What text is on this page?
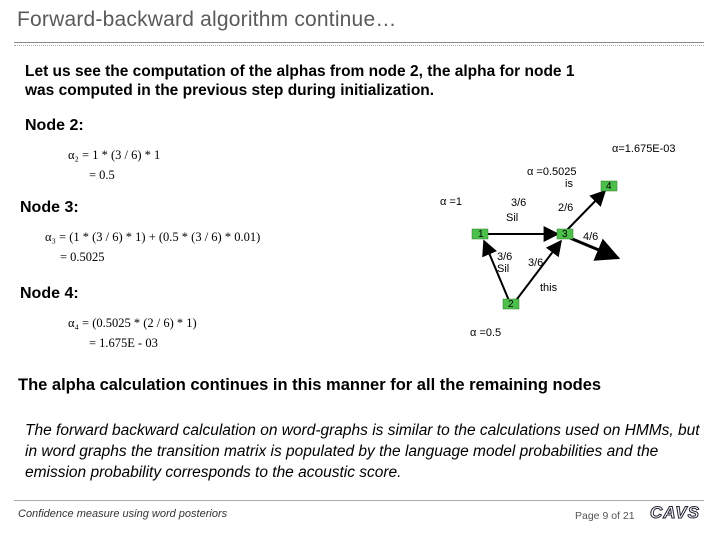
Forward-backward algorithm continue…
Let us see the computation of the alphas from node 2, the alpha for node 1 was computed in the previous step during initialization.
Node 2:
α₂ = 1 * (3 / 6) * 1
= 0.5
Node 3:
α₃ = (1 * (3 / 6) * 1) + (0.5 * (3 / 6) * 0.01)
= 0.5025
Node 4:
α₄ = (0.5025 * (2 / 6) * 1)
= 1.675E - 03
1
2
3
4
α=1.675E-03
α =0.5025
is
α =1
α =0.5
3/6
Sil
2/6
4/6
3/6
Sil 3/6
this
The alpha calculation continues in this manner for all the remaining nodes
The forward backward calculation on word-graphs is similar to the calculations used on HMMs, but in word graphs the transition matrix is populated by the language model probabilities and the emission probability corresponds to the acoustic score.
Confidence measure using word posteriors	Page 9 of 21 CAVS
